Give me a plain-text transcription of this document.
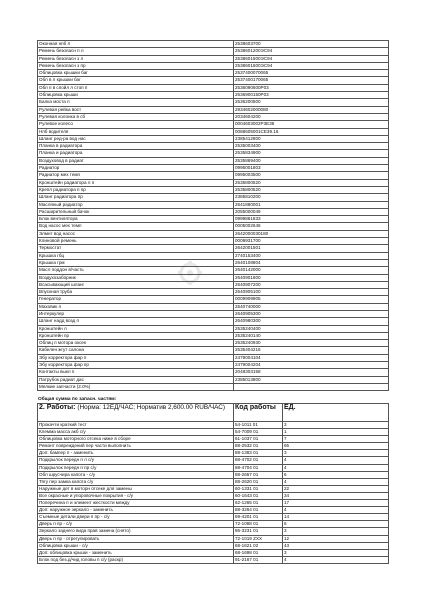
Оконная нпб л	2538603700
Ремень безопасн п л	2538601200ЭС94
Ремень безопасн з л	2538601500ЭС94
Ремень безопасн з пр	2538601600ЭС94
Облицовка крышки баг	2537400070065
Обл в л крышки баг	2537400170065
Обл п в спойл л стоп п	2536090600Р03
Облицовка крыши	2536900150Р03
Балка моста п	2536200500
Рулевая рейка вост	2934602000080
Рулевая колонка в сб	2034604200
Рулевое колесо	0004603002Р3Е38
Нпб водителя	0088605001СЕ39.16
Шланг ред-ра вод нас	2385412800
Планка в радиатора	2535003400
Планка и радиатора	2535834900
Воздуховод в радиат	2535869400
Радиатор	0995001803
Радиатор мех темп	0995003500
Кронштейн радиатора л п	2535800520
Крепл радиатора п пр	2535800520
Шланг радиатора пр	2385810200
Масляный радиатор	2641880001
Расширительный бачок	2055000049
Блок вентилятора	0999861833
Вод насос мех темп	0005002646
Элмнт вод насос	2642000030180
Клиновой ремень	0009931700
Термостат	2642001501
Крышка гбц	2740153400
Крышка грм	2640108804
Масл поддон в/часть	2640142000
Воздухозаборник	2640901800
Всасывающий шланг	2640907200
Впускная труба	2640905100
Генератор	0009909905
Маховик л	2540740000
Интеркулер	2640905300
Шланг надд возд п	2640980300
Кронштейн л	2535240400
Кронштейн пр	2535240140
Облиц п мотора оксек	2535240930
Кабелен жгут салона	2535404216
Эбу корректора фар п	2479004104
Эбу корректора фар пр	2479004204
Контакты выкл п	2048303158
Патрубок радиат дас	2385013800
Мелкие запчасти (2.0%)	
Общая сумма по запасн. частям:
2. Работы: (Норма: 12ЕД/ЧАС; Норматив 2,600.00 RUB/ЧАС)	Код работы	ЕД.
Прокачти краткий тест	54-1011 01	3
Клемма масса акб с/у	54-7009 01	1
Облицовка моторного отсека ниже в сборе	61-1037 01	7
Ремонт повреждений пер части выполнить	88-2532 01	65
Доп: бампер п - заменить	88-1383 01	3
Подкрылок передн п л с/у	88-4702 01	4
Подкрылок передн п пр с/у	88-4704 01	4
Обл шрусчира капота - с/у	88-2657 01	6
Тягу пер замка капота с/у	88-2620 01	4
Наружные дет в моторн отсеке для замены	60-1331 01	22
Все окрасные и упоровочные покрытия - с/у	60-1643 01	34
Поперечина п и элемент жесткости между	62-1265 01	17
Доп: наружное зеркало - заменить	88-3264 01	4
Съемные детали двери п пр - с/у	69-4201 01	14
Дверь п пр - с/у	72-1088 01	6
Зеркало заднего вида прав замена (снято)	86-3231 01	3
Дверь п пр - отрегулировать	72-1019 ZXX	12
Облицовка крыши - с/у	68-1621 02	43
Доп: облицовка крыши - заменить	68-1698 01	3
Блок под без.д/чид головы п с/у (раскр)	91-2167 01	4
